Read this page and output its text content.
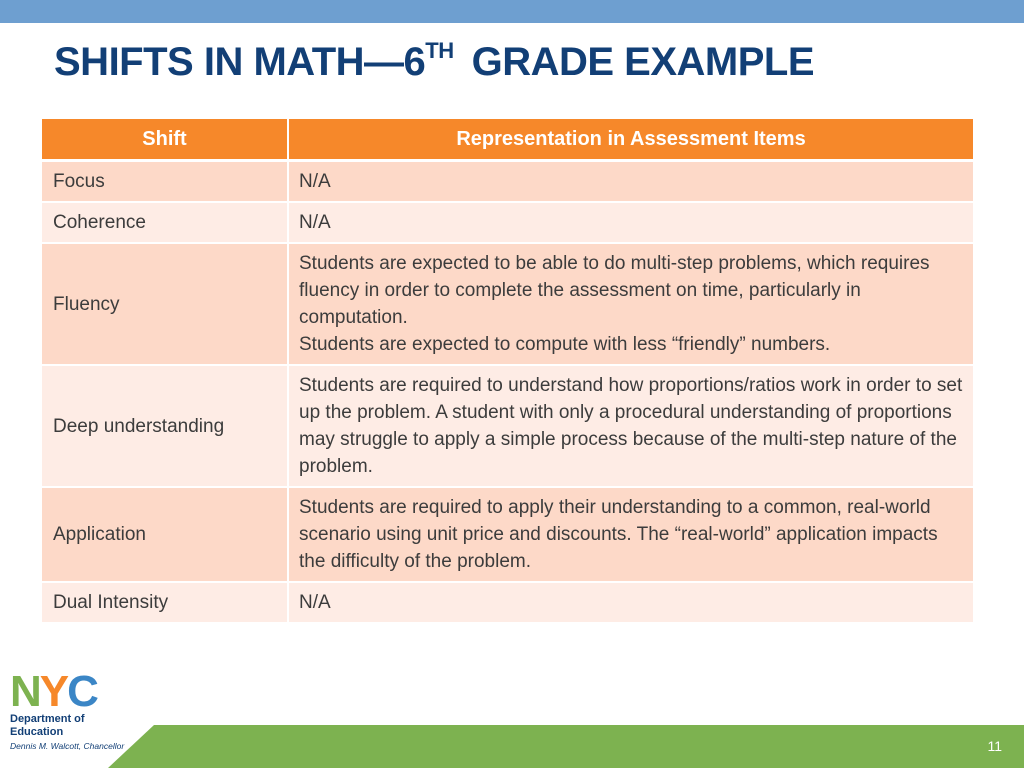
SHIFTS IN MATH—6TH GRADE EXAMPLE
Shift	Representation in Assessment Items
Focus	N/A

Coherence	N/A

Fluency	Students are expected to be able to do multi-step problems, which requires fluency in order to complete the assessment on time, particularly in computation.
Students are expected to compute with less “friendly” numbers.

Deep understanding	Students are required to understand how proportions/ratios work in order to set up the problem. A student with only a procedural understanding of proportions may struggle to apply a simple process because of the multi-step nature of the problem.

Application	Students are required to apply their understanding to a common, real-world scenario using unit price and discounts. The “real-world” application impacts the difficulty of the problem.

Dual Intensity	N/A
N Y C
Department of
Education
Dennis M. Walcott, Chancellor	11
